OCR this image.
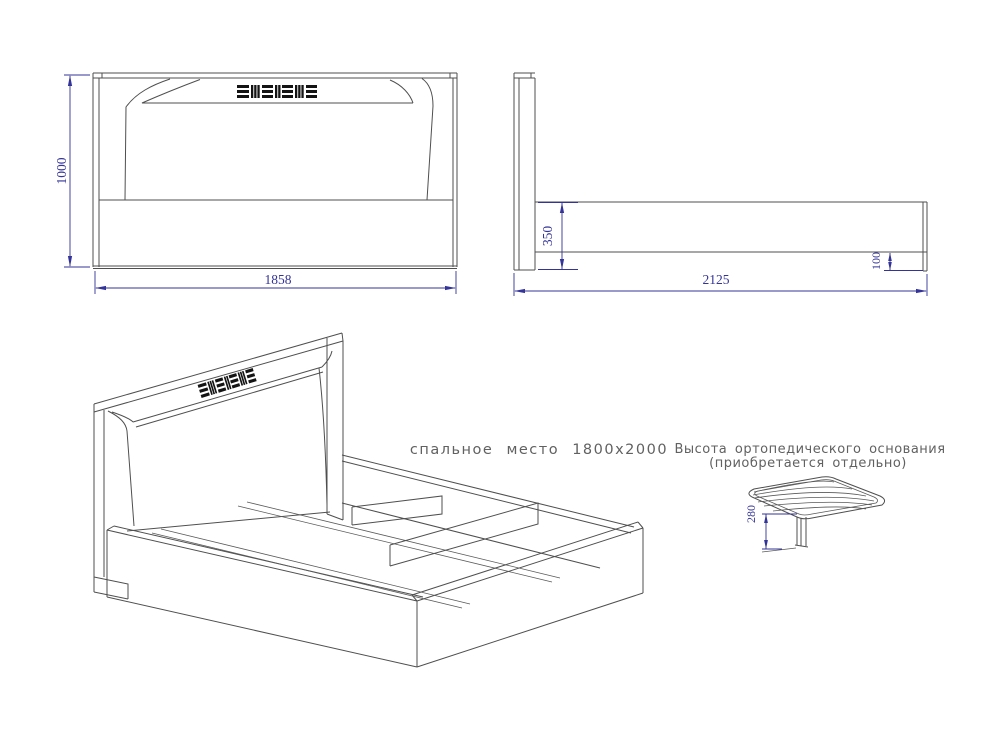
1000
1858
350
100
2125
спальное место 1800x2000 Высота ортопедического основания
(приобретается отдельно)
280
